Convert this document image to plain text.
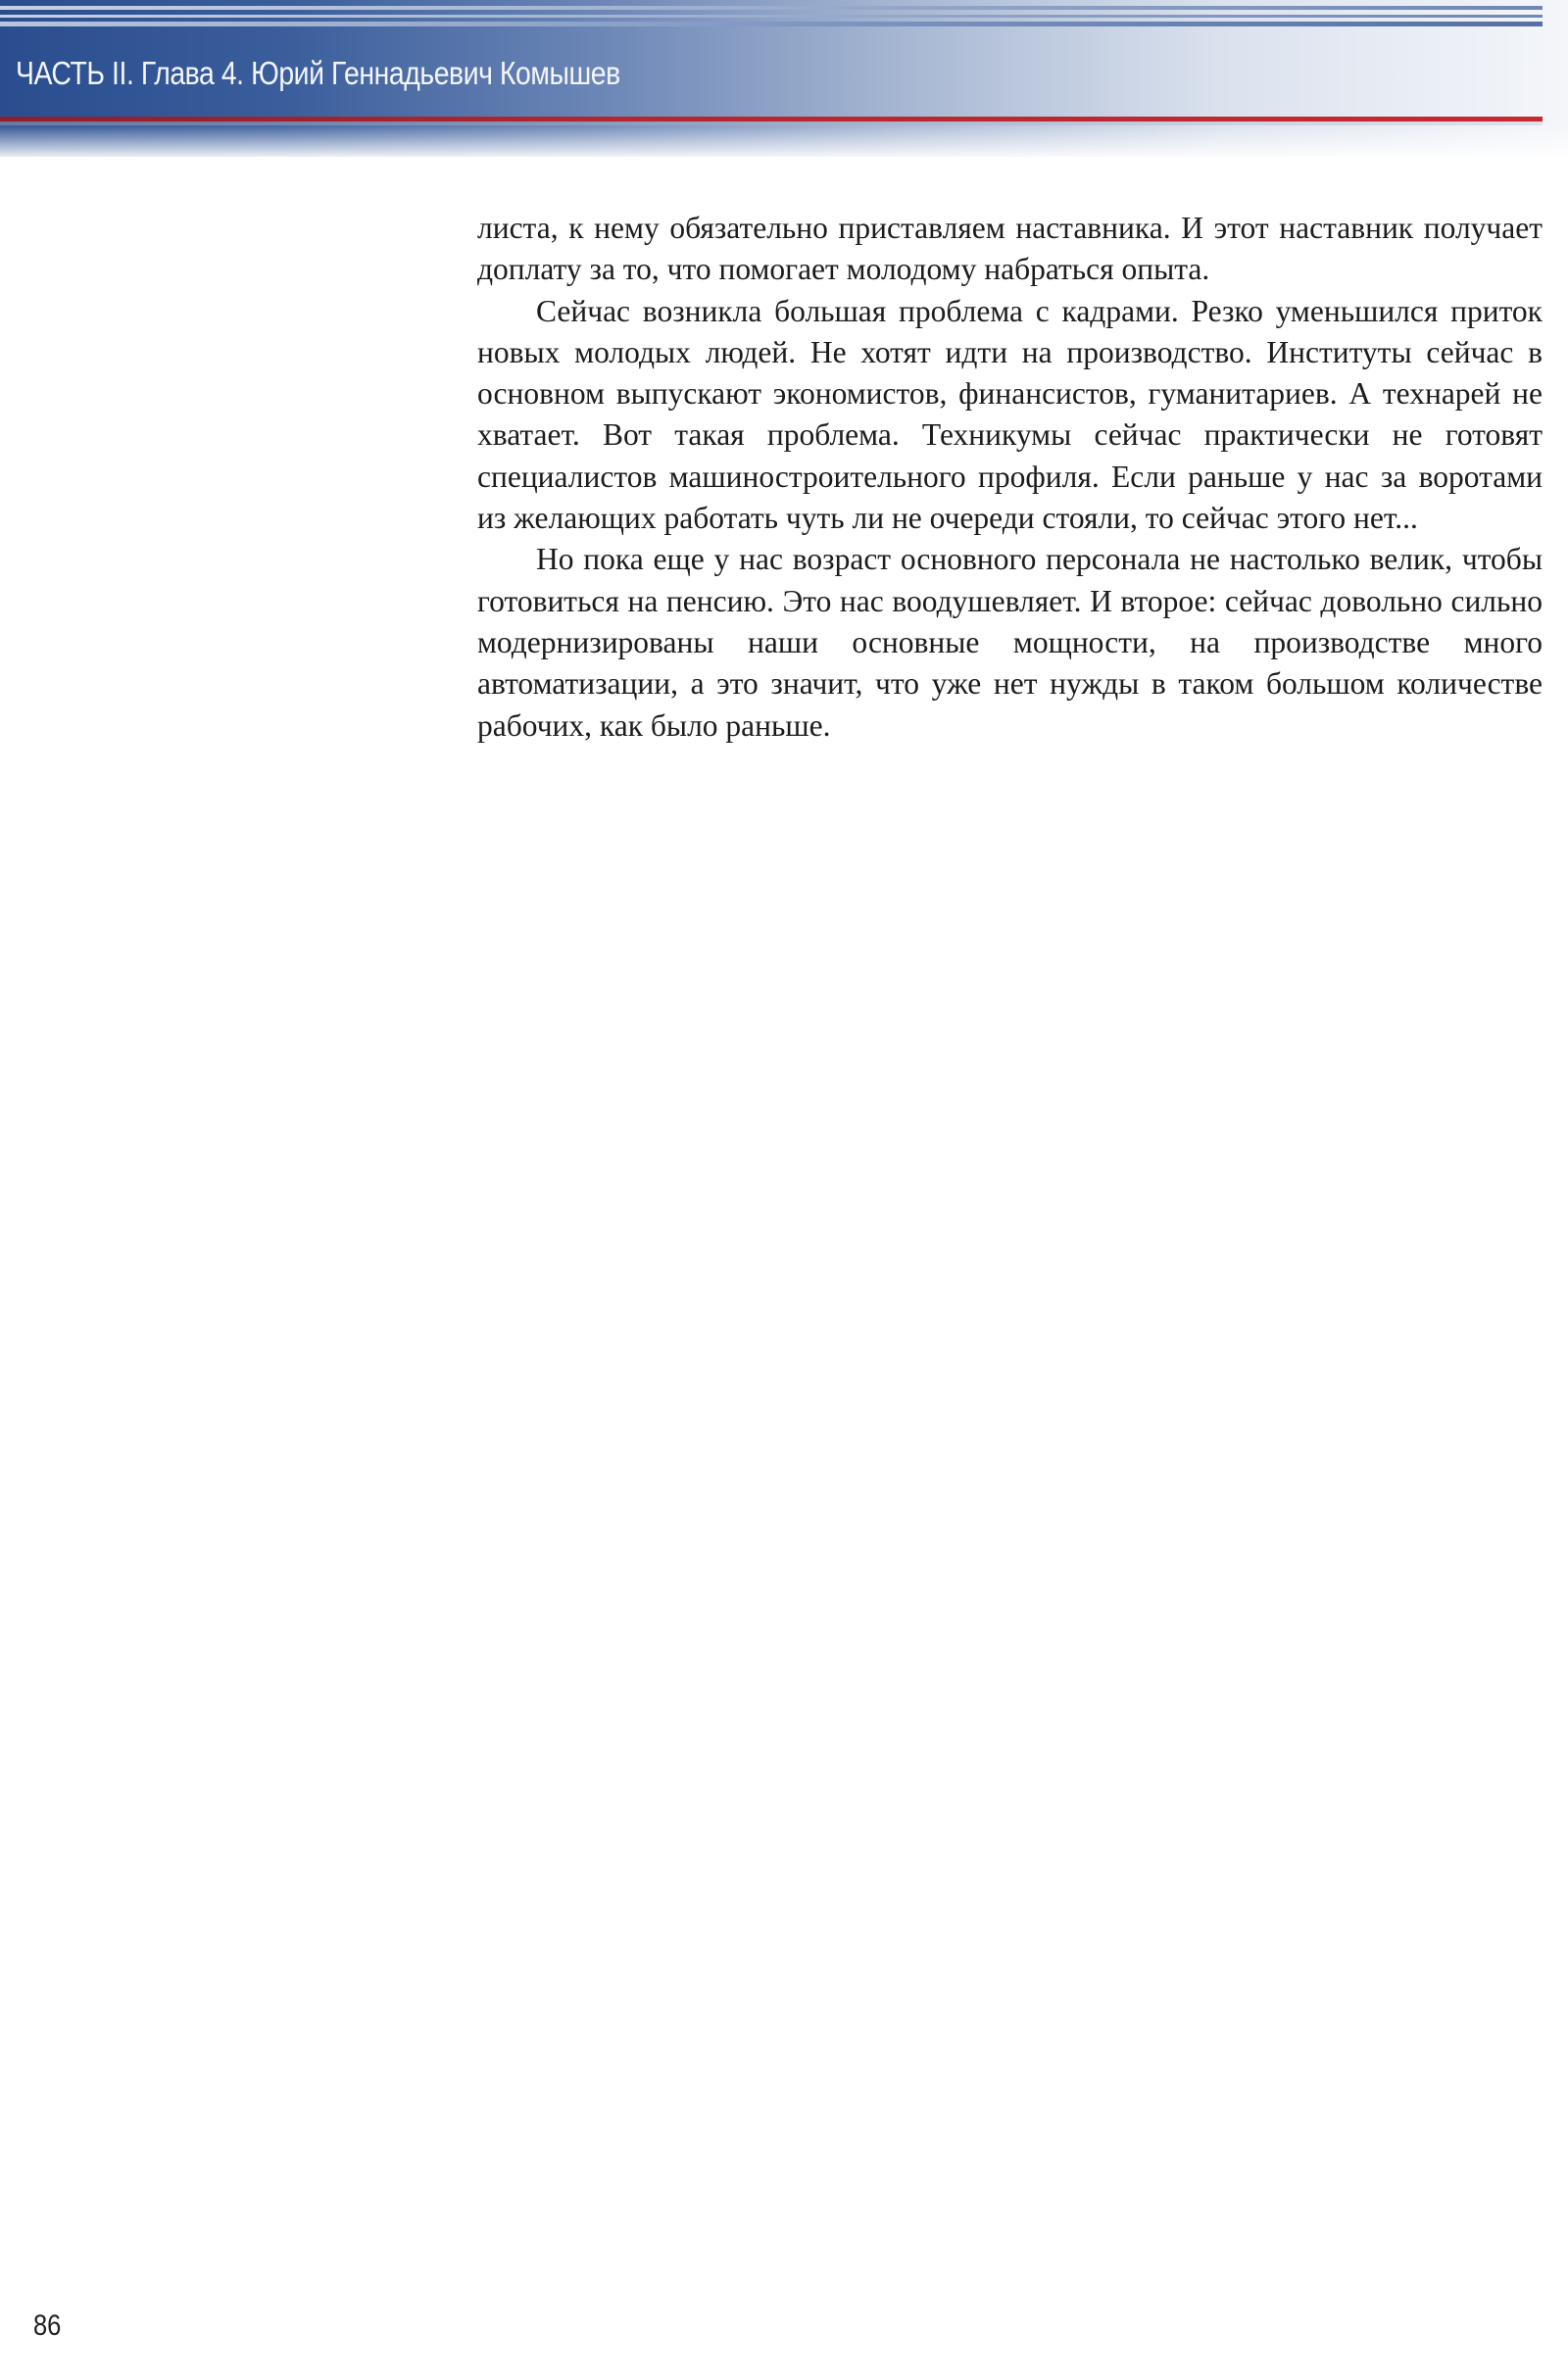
ЧАСТЬ II. Глава 4. Юрий Геннадьевич Комышев

листа, к нему обязательно приставляем наставника. И этот наставник получает доплату за то, что помогает молодому набраться опыта.

Сейчас возникла большая проблема с кадрами. Резко уменьшился приток новых молодых людей. Не хотят идти на производство. Институты сейчас в основном выпускают экономистов, финансистов, гуманитариев. А технарей не хватает. Вот такая проблема. Техникумы сейчас практически не готовят специалистов машиностроительного профиля. Если раньше у нас за воротами из желающих работать чуть ли не очереди стояли, то сейчас этого нет...

Но пока еще у нас возраст основного персонала не настолько велик, чтобы готовиться на пенсию. Это нас воодушевляет. И второе: сейчас довольно сильно модернизированы наши основные мощности, на производстве много автоматизации, а это значит, что уже нет нужды в таком большом количестве рабочих, как было раньше.

86
